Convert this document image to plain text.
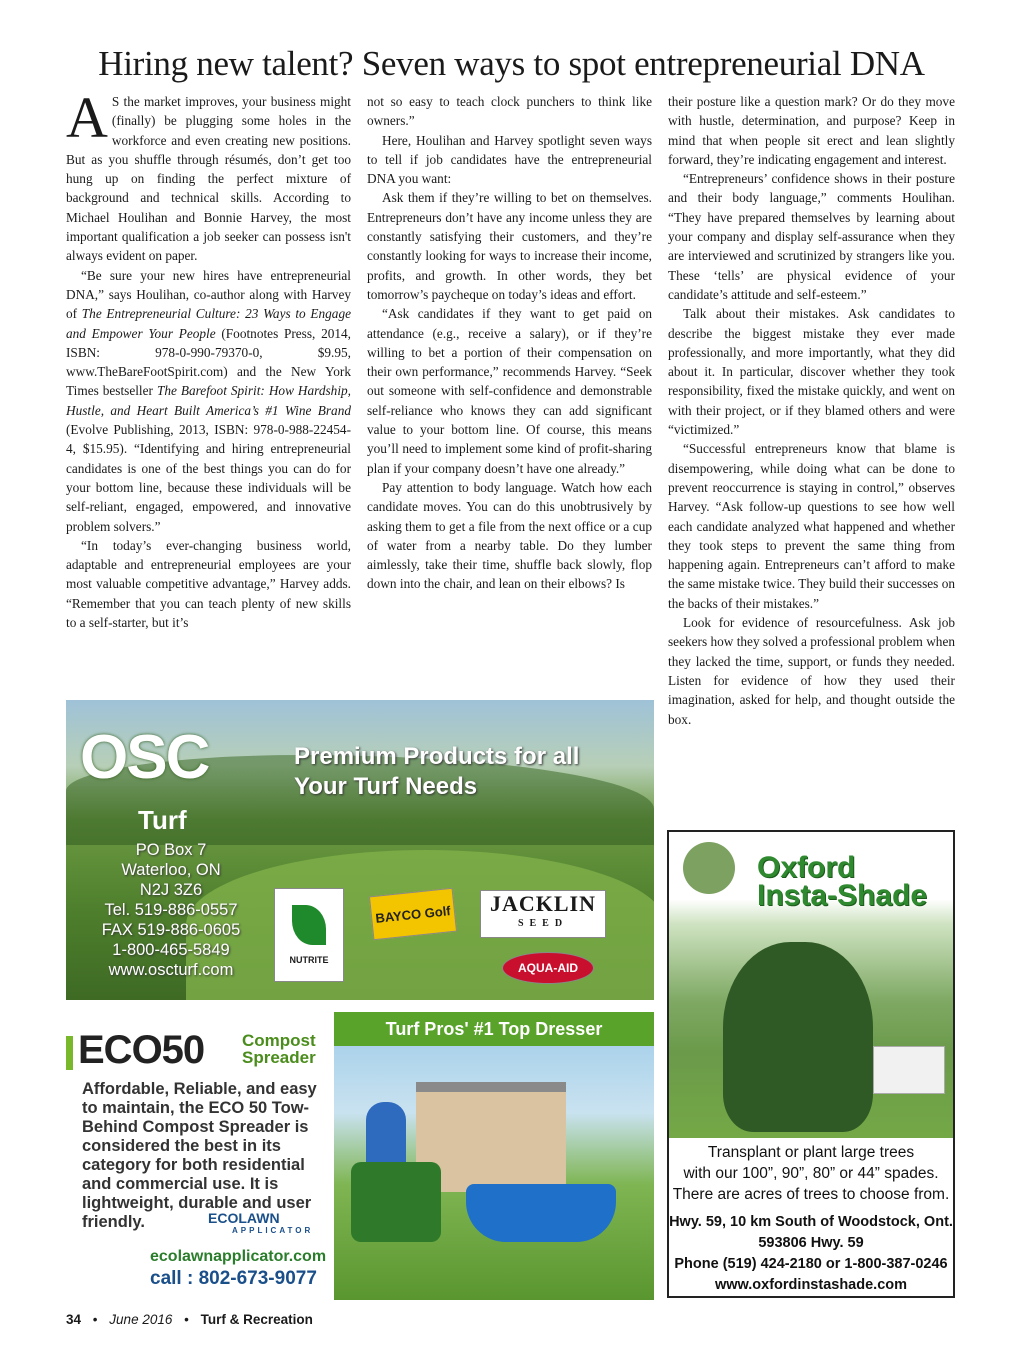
Hiring new talent? Seven ways to spot entrepreneurial DNA

A S the market improves, your business might (finally) be plugging some holes in the workforce and even creating new positions. But as you shuffle through résumés, don’t get too hung up on finding the perfect mixture of background and technical skills. According to Michael Houlihan and Bonnie Harvey, the most important qualification a job seeker can possess isn't always evident on paper.

“Be sure your new hires have entrepreneurial DNA,” says Houlihan, co-author along with Harvey of The Entrepreneurial Culture: 23 Ways to Engage and Empower Your People (Footnotes Press, 2014, ISBN: 978-0-990-79370-0, $9.95, www.TheBareFootSpirit.com) and the New York Times bestseller The Barefoot Spirit: How Hardship, Hustle, and Heart Built America’s #1 Wine Brand (Evolve Publishing, 2013, ISBN: 978-0-988-22454-4, $15.95). “Identifying and hiring entrepreneurial candidates is one of the best things you can do for your bottom line, because these individuals will be self-reliant, engaged, empowered, and innovative problem solvers.”

“In today’s ever-changing business world, adaptable and entrepreneurial employees are your most valuable competitive advantage,” Harvey adds. “Remember that you can teach plenty of new skills to a self-starter, but it’s

not so easy to teach clock punchers to think like owners.”

Here, Houlihan and Harvey spotlight seven ways to tell if job candidates have the entrepreneurial DNA you want:

Ask them if they’re willing to bet on themselves. Entrepreneurs don’t have any income unless they are constantly satisfying their customers, and they’re constantly looking for ways to increase their income, profits, and growth. In other words, they bet tomorrow’s paycheque on today’s ideas and effort.

“Ask candidates if they want to get paid on attendance (e.g., receive a salary), or if they’re willing to bet a portion of their compensation on their own performance,” recommends Harvey. “Seek out someone with self-confidence and demonstrable self-reliance who knows they can add significant value to your bottom line. Of course, this means you’ll need to implement some kind of profit-sharing plan if your company doesn’t have one already.”

Pay attention to body language. Watch how each candidate moves. You can do this unobtrusively by asking them to get a file from the next office or a cup of water from a nearby table. Do they lumber aimlessly, take their time, shuffle back slowly, flop down into the chair, and lean on their elbows? Is

their posture like a question mark? Or do they move with hustle, determination, and purpose? Keep in mind that when people sit erect and lean slightly forward, they’re indicating engagement and interest.

“Entrepreneurs’ confidence shows in their posture and their body language,” comments Houlihan. “They have prepared themselves by learning about your company and display self-assurance when they are interviewed and scrutinized by strangers like you. These ‘tells’ are physical evidence of your candidate’s attitude and self-esteem.”

Talk about their mistakes. Ask candidates to describe the biggest mistake they ever made professionally, and more importantly, what they did about it. In particular, discover whether they took responsibility, fixed the mistake quickly, and went on with their project, or if they blamed others and were “victimized.”

“Successful entrepreneurs know that blame is disempowering, while doing what can be done to prevent reoccurrence is staying in control,” observes Harvey. “Ask follow-up questions to see how well each candidate analyzed what happened and whether they took steps to prevent the same thing from happening again. Entrepreneurs can’t afford to make the same mistake twice. They build their successes on the backs of their mistakes.”

Look for evidence of resourcefulness. Ask job seekers how they solved a professional problem when they lacked the time, support, or funds they needed. Listen for evidence of how they used their imagination, asked for help, and thought outside the box.

OSC
Turf
Premium Products for all Your Turf Needs
PO Box 7
Waterloo, ON
N2J 3Z6
Tel. 519-886-0557
FAX 519-886-0605
1-800-465-5849
www.oscturf.com
NUTRITE
BAYCO Golf JACKLIN
SEED
AQUA-AID
ECO50 Compost
Spreader
Affordable, Reliable, and easy to maintain, the ECO 50 Tow-Behind Compost Spreader is considered the best in its category for both residential and commercial use. It is lightweight, durable and user friendly.	ECOLAWN
APPLICATOR
ecolawnapplicator.com
call : 802-673-9077
Turf Pros' #1 Top Dresser
Oxford
Insta-Shade
Transplant or plant large trees
with our 100”, 90”, 80” or 44” spades.
There are acres of trees to choose from.
Hwy. 59, 10 km South of Woodstock, Ont.
593806 Hwy. 59
Phone (519) 424-2180 or 1-800-387-0246
www.oxfordinstashade.com
34 • June 2016 • Turf & Recreation
